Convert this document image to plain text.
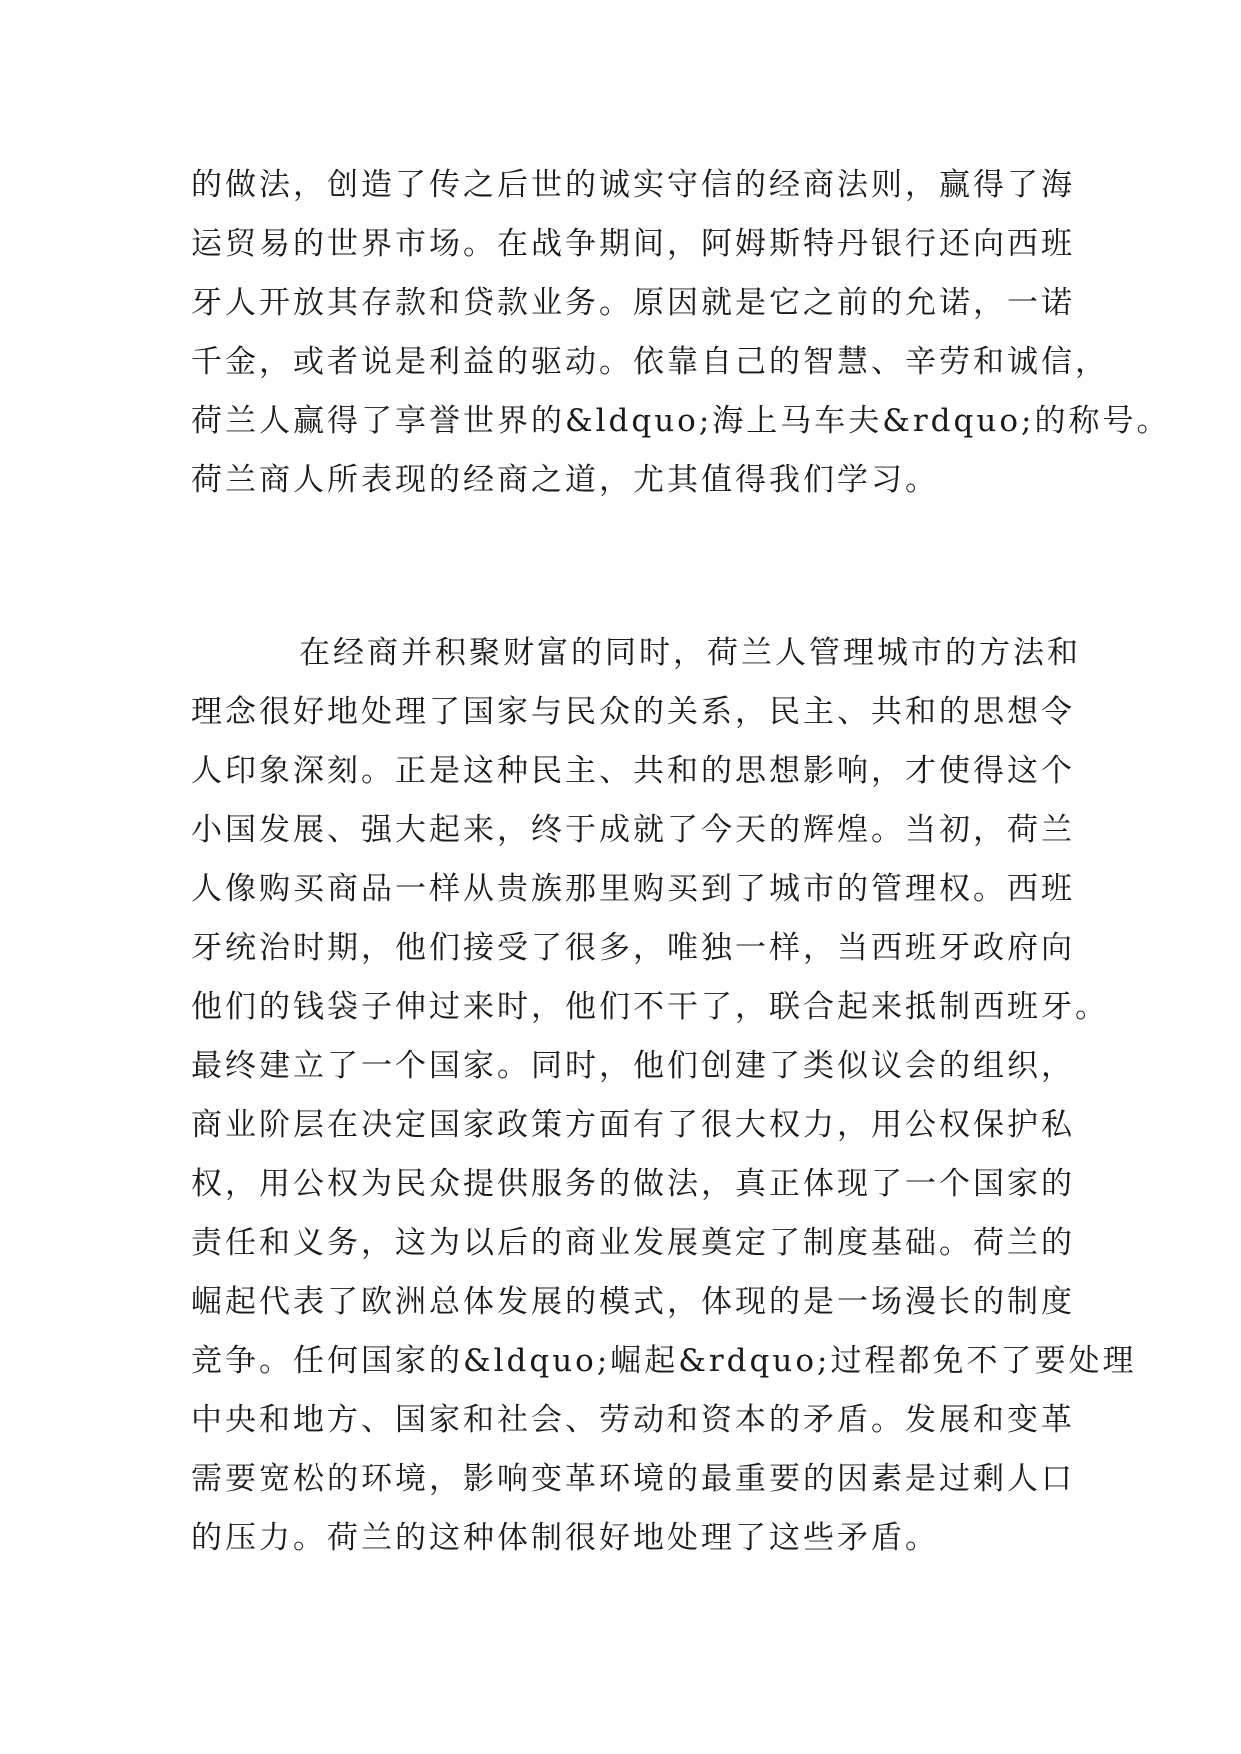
的做法，创造了传之后世的诚实守信的经商法则，赢得了海
运贸易的世界市场。在战争期间，阿姆斯特丹银行还向西班
牙人开放其存款和贷款业务。原因就是它之前的允诺，一诺
千金，或者说是利益的驱动。依靠自己的智慧、辛劳和诚信，
荷兰人赢得了享誉世界的&ldquo;海上马车夫&rdquo;的称号。
荷兰商人所表现的经商之道，尤其值得我们学习。
在经商并积聚财富的同时，荷兰人管理城市的方法和
理念很好地处理了国家与民众的关系，民主、共和的思想令
人印象深刻。正是这种民主、共和的思想影响，才使得这个
小国发展、强大起来，终于成就了今天的辉煌。当初，荷兰
人像购买商品一样从贵族那里购买到了城市的管理权。西班
牙统治时期，他们接受了很多，唯独一样，当西班牙政府向
他们的钱袋子伸过来时，他们不干了，联合起来抵制西班牙。
最终建立了一个国家。同时，他们创建了类似议会的组织，
商业阶层在决定国家政策方面有了很大权力，用公权保护私
权，用公权为民众提供服务的做法，真正体现了一个国家的
责任和义务，这为以后的商业发展奠定了制度基础。荷兰的
崛起代表了欧洲总体发展的模式，体现的是一场漫长的制度
竞争。任何国家的&ldquo;崛起&rdquo;过程都免不了要处理
中央和地方、国家和社会、劳动和资本的矛盾。发展和变革
需要宽松的环境，影响变革环境的最重要的因素是过剩人口
的压力。荷兰的这种体制很好地处理了这些矛盾。
